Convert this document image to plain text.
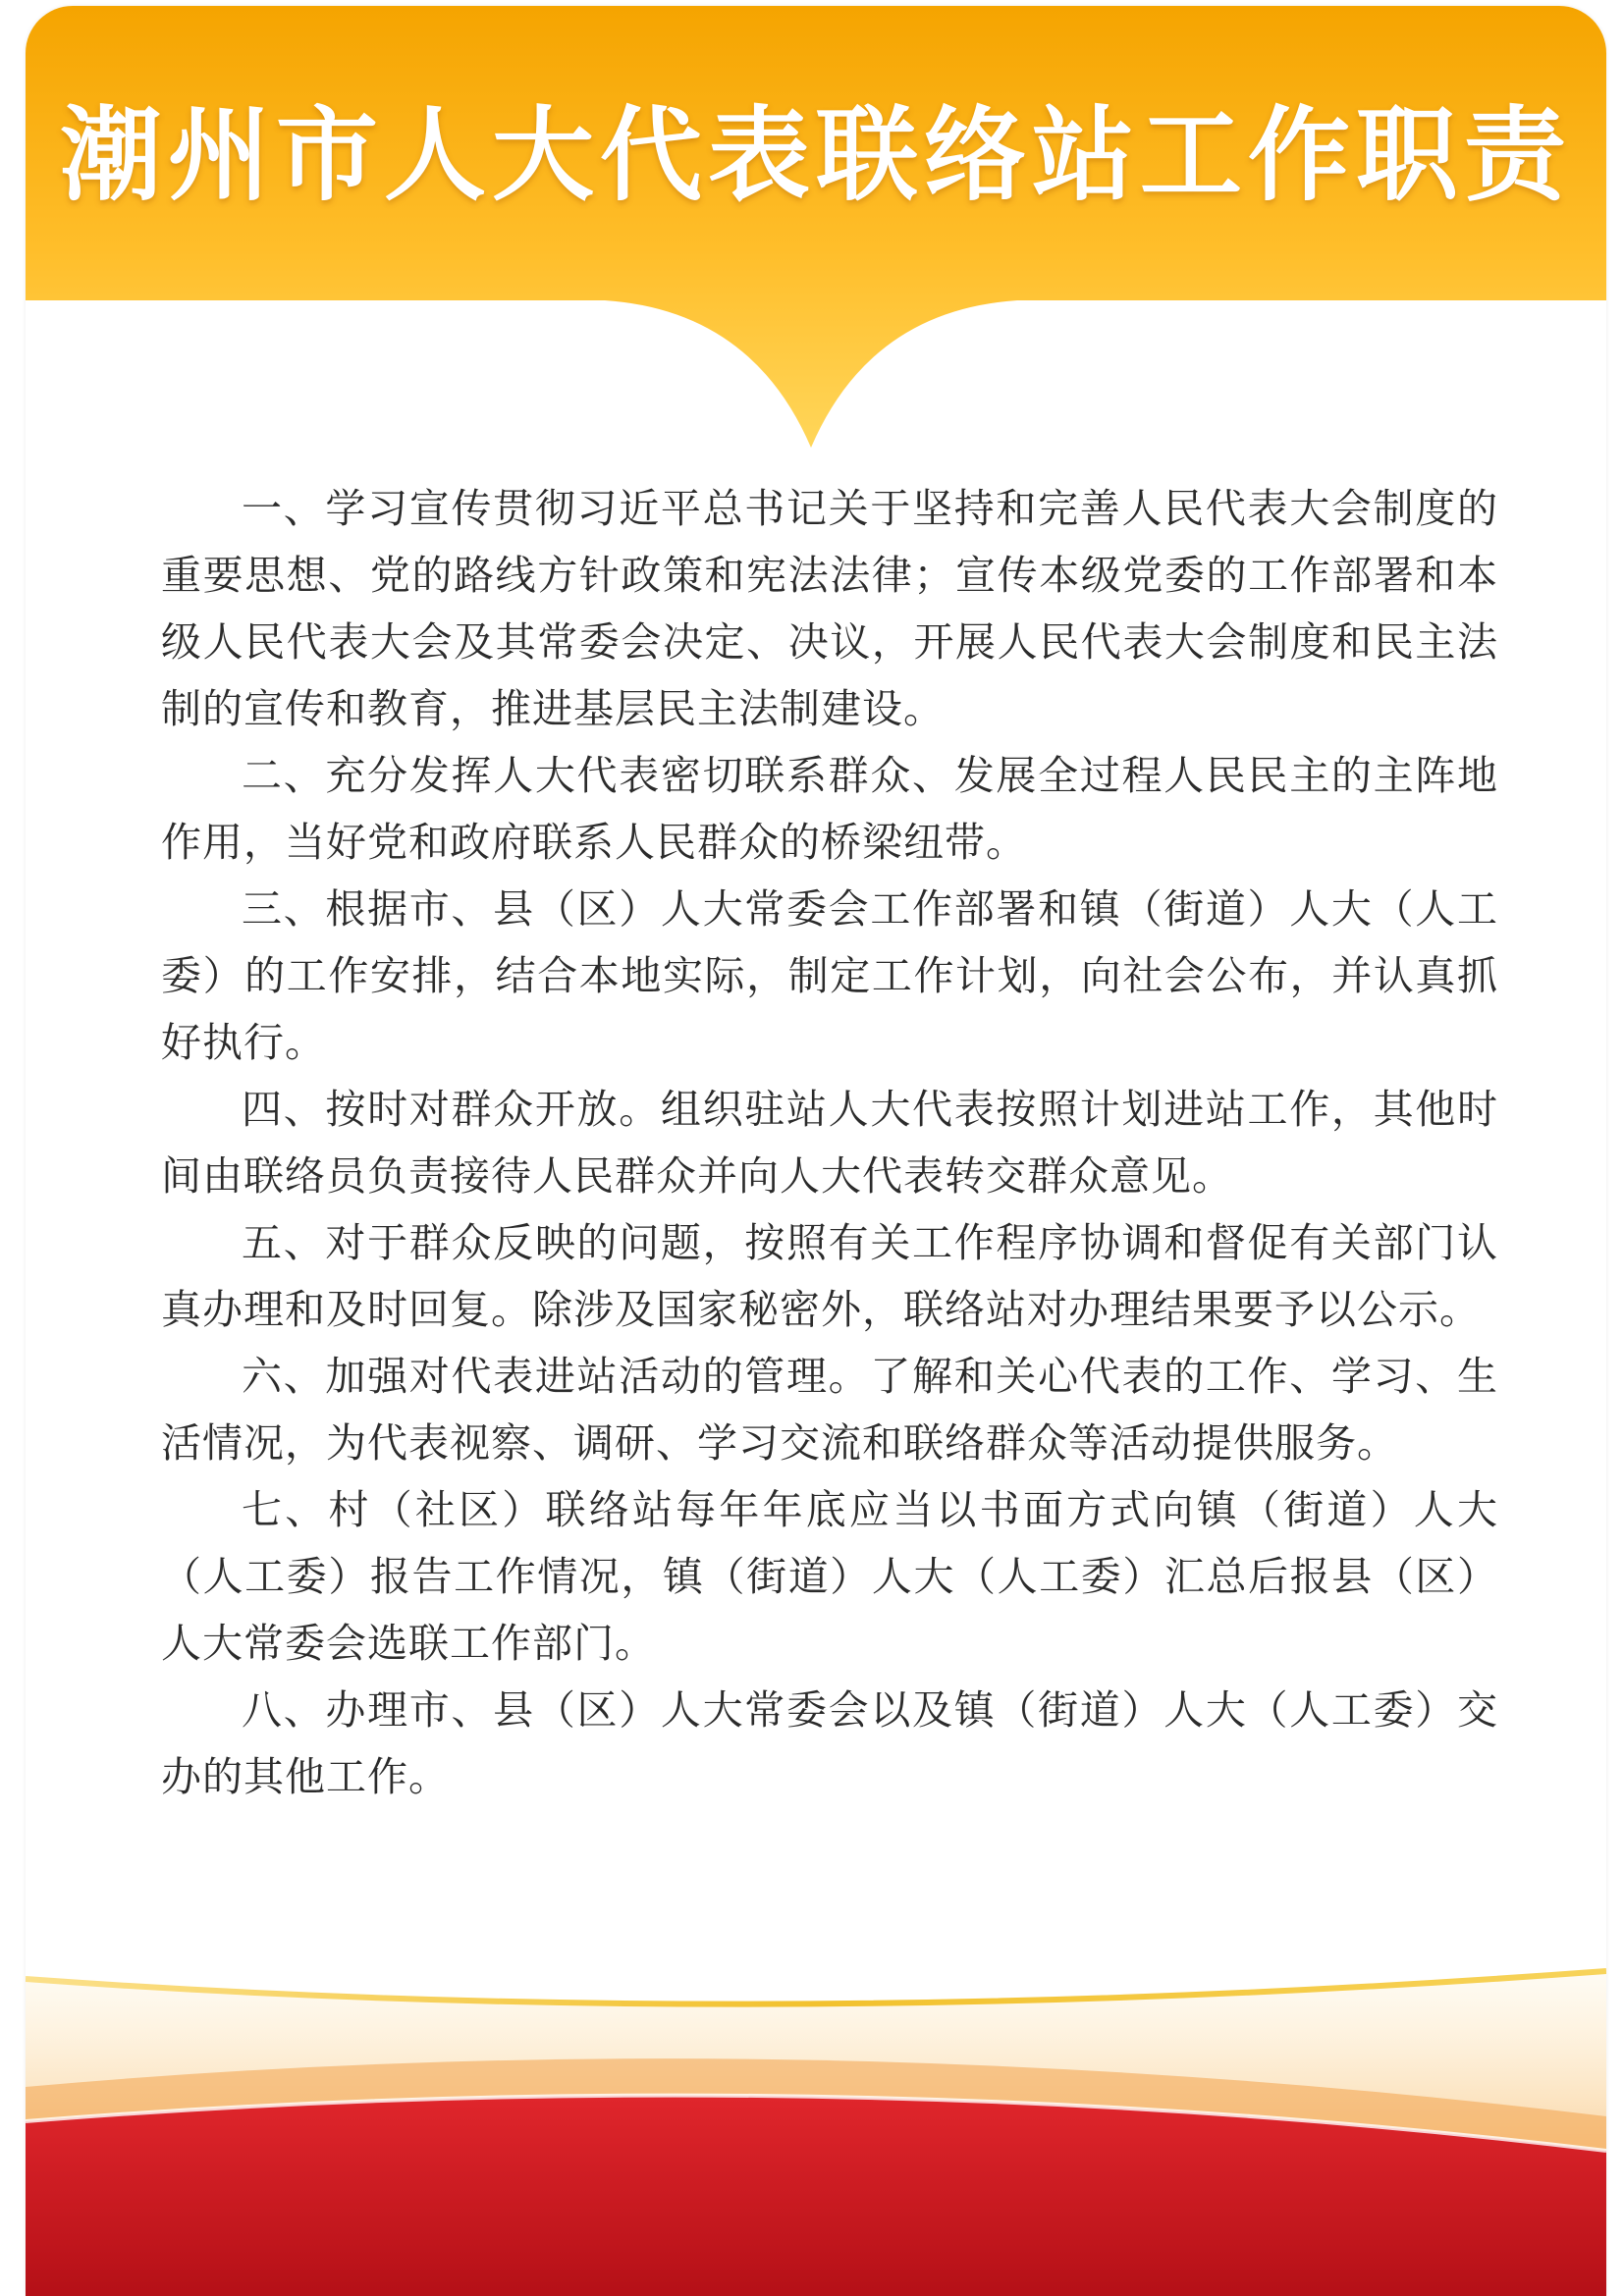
潮州市人大代表联络站工作职责

一、学习宣传贯彻习近平总书记关于坚持和完善人民代表大会制度的重要思想、党的路线方针政策和宪法法律；宣传本级党委的工作部署和本级人民代表大会及其常委会决定、决议，开展人民代表大会制度和民主法制的宣传和教育，推进基层民主法制建设。

二、充分发挥人大代表密切联系群众、发展全过程人民民主的主阵地作用，当好党和政府联系人民群众的桥梁纽带。

三、根据市、县（区）人大常委会工作部署和镇（街道）人大（人工委）的工作安排，结合本地实际，制定工作计划，向社会公布，并认真抓好执行。

四、按时对群众开放。组织驻站人大代表按照计划进站工作，其他时间由联络员负责接待人民群众并向人大代表转交群众意见。

五、对于群众反映的问题，按照有关工作程序协调和督促有关部门认真办理和及时回复。除涉及国家秘密外，联络站对办理结果要予以公示。

六、加强对代表进站活动的管理。了解和关心代表的工作、学习、生活情况，为代表视察、调研、学习交流和联络群众等活动提供服务。

七、村（社区）联络站每年年底应当以书面方式向镇（街道）人大（人工委）报告工作情况，镇（街道）人大（人工委）汇总后报县（区）人大常委会选联工作部门。

八、办理市、县（区）人大常委会以及镇（街道）人大（人工委）交办的其他工作。
